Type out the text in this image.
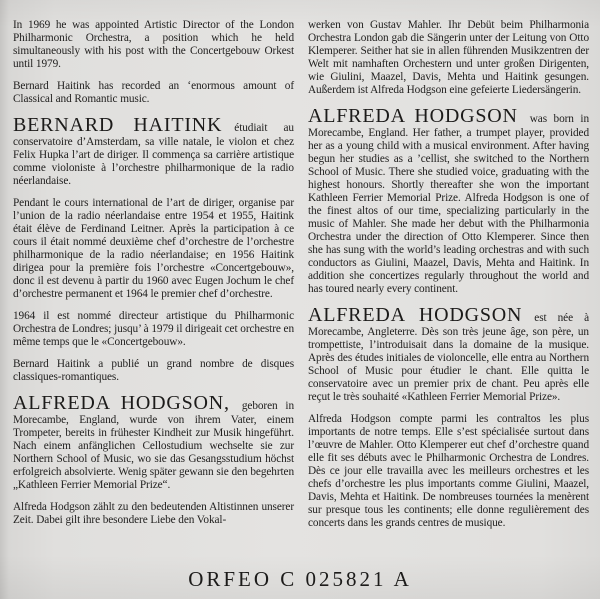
In 1969 he was appointed Artistic Director of the London Philharmonic Orchestra, a position which he held simultaneously with his post with the Concertgebouw Orkest until 1979.

Bernard Haitink has recorded an ‘enormous amount of Classical and Romantic music.

BERNARD HAITINK étudiait au conservatoire d’Amsterdam, sa ville natale, le violon et chez Felix Hupka l’art de diriger. Il commença sa carrière artistique comme violoniste à l’orchestre philharmonique de la radio néerlandaise.

Pendant le cours international de l’art de diriger, organise par l’union de la radio néerlandaise entre 1954 et 1955, Haitink était élève de Ferdinand Leitner. Après la participation à ce cours il était nommé deuxième chef d’orchestre de l’orchestre philharmonique de la radio néerlandaise; en 1956 Haitink dirigea pour la première fois l’orchestre «Concertgebouw», donc il est devenu à partir du 1960 avec Eugen Jochum le chef d’orchestre permanent et 1964 le premier chef d’orchestre.

1964 il est nommé directeur artistique du Philharmonic Orchestra de Londres; jusqu’ à 1979 il dirigeait cet orchestre en même temps que le «Concertgebouw».

Bernard Haitink a publié un grand nombre de disques classiques-romantiques.

ALFREDA HODGSON, geboren in Morecambe, England, wurde von ihrem Vater, einem Trompeter, bereits in frühester Kindheit zur Musik hingeführt. Nach einem anfänglichen Cellostudium wechselte sie zur Northern School of Music, wo sie das Gesangsstudium höchst erfolgreich absolvierte. Wenig später gewann sie den begehrten „Kathleen Ferrier Memorial Prize“.

Alfreda Hodgson zählt zu den bedeutenden Altistinnen unserer Zeit. Dabei gilt ihre besondere Liebe den Vokal-

werken von Gustav Mahler. Ihr Debüt beim Philharmonia Orchestra London gab die Sängerin unter der Leitung von Otto Klemperer. Seither hat sie in allen führenden Musikzentren der Welt mit namhaften Orchestern und unter großen Dirigenten, wie Giulini, Maazel, Davis, Mehta und Haitink gesungen. Außerdem ist Alfreda Hodgson eine gefeierte Liedersängerin.

ALFREDA HODGSON was born in Morecambe, England. Her father, a trumpet player, provided her as a young child with a musical environment. After having begun her studies as a ’cellist, she switched to the Northern School of Music. There she studied voice, graduating with the highest honours. Shortly thereafter she won the important Kathleen Ferrier Memorial Prize. Alfreda Hodgson is one of the finest altos of our time, specializing particularly in the music of Mahler. She made her debut with the Philharmonia Orchestra under the direction of Otto Klemperer. Since then she has sung with the world’s leading orchestras and with such conductors as Giulini, Maazel, Davis, Mehta and Haitink. In addition she concertizes regularly throughout the world and has toured nearly every continent.

ALFREDA HODGSON est née à Morecambe, Angleterre. Dès son très jeune âge, son père, un trompettiste, l’introduisait dans la domaine de la musique. Après des études initiales de violoncelle, elle entra au Northern School of Music pour étudier le chant. Elle quitta le conservatoire avec un premier prix de chant. Peu après elle reçut le très souhaité «Kathleen Ferrier Memorial Prize».

Alfreda Hodgson compte parmi les contraltos les plus importants de notre temps. Elle s’est spécialisée surtout dans l’œuvre de Mahler. Otto Klemperer eut chef d’orchestre quand elle fit ses débuts avec le Philharmonic Orchestra de Londres. Dès ce jour elle travailla avec les meilleurs orchestres et les chefs d’orchestre les plus importants comme Giulini, Maazel, Davis, Mehta et Haitink. De nombreuses tournées la menèrent sur presque tous les continents; elle donne regulièrement des concerts dans les grands centres de musique.

ORFEO C 025821 A
